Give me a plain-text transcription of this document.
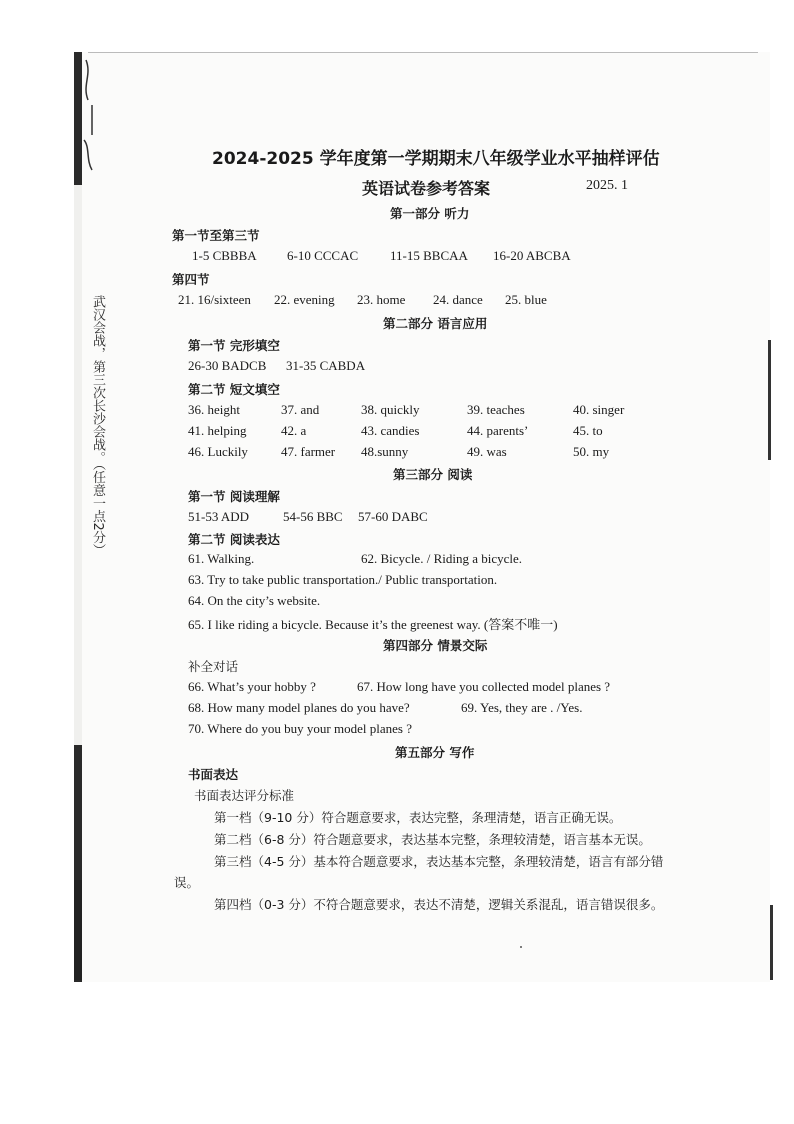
武汉会战，第三次长沙会战。（任意一点2分）
2024-2025 学年度第一学期期末八年级学业水平抽样评估
英语试卷参考答案	2025. 1
第一部分 听力
第一节至第三节
1-5 CBBBA 6-10 CCCAC 11-15 BBCAA 16-20 ABCBA
第四节
21. 16/sixteen 22. evening 23. home 24. dance 25. blue
第二部分 语言应用
第一节 完形填空
26-30 BADCB 31-35 CABDA
第二节 短文填空
36. height	37. and	38. quickly	39. teaches	40. singer
41. helping	42. a	43. candies	44. parents’	45. to
46. Luckily	47. farmer 48.sunny	49. was	50. my
第三部分 阅读
第一节 阅读理解
51-53 ADD	54-56 BBC 57-60 DABC
第二节 阅读表达
61. Walking.	62. Bicycle. / Riding a bicycle.
63. Try to take public transportation./ Public transportation.
64. On the city’s website.
65. I like riding a bicycle. Because it’s the greenest way. (答案不唯一)
第四部分 情景交际
补全对话
66. What’s your hobby ?	67. How long have you collected model planes ?
68. How many model planes do you have?	69. Yes, they are . /Yes.
70. Where do you buy your model planes ?
第五部分 写作
书面表达
书面表达评分标准
第一档（9-10 分）符合题意要求，表达完整，条理清楚，语言正确无误。
第二档（6-8 分）符合题意要求，表达基本完整，条理较清楚，语言基本无误。
第三档（4-5 分）基本符合题意要求，表达基本完整，条理较清楚，语言有部分错
误。
第四档（0-3 分）不符合题意要求，表达不清楚，逻辑关系混乱，语言错误很多。
